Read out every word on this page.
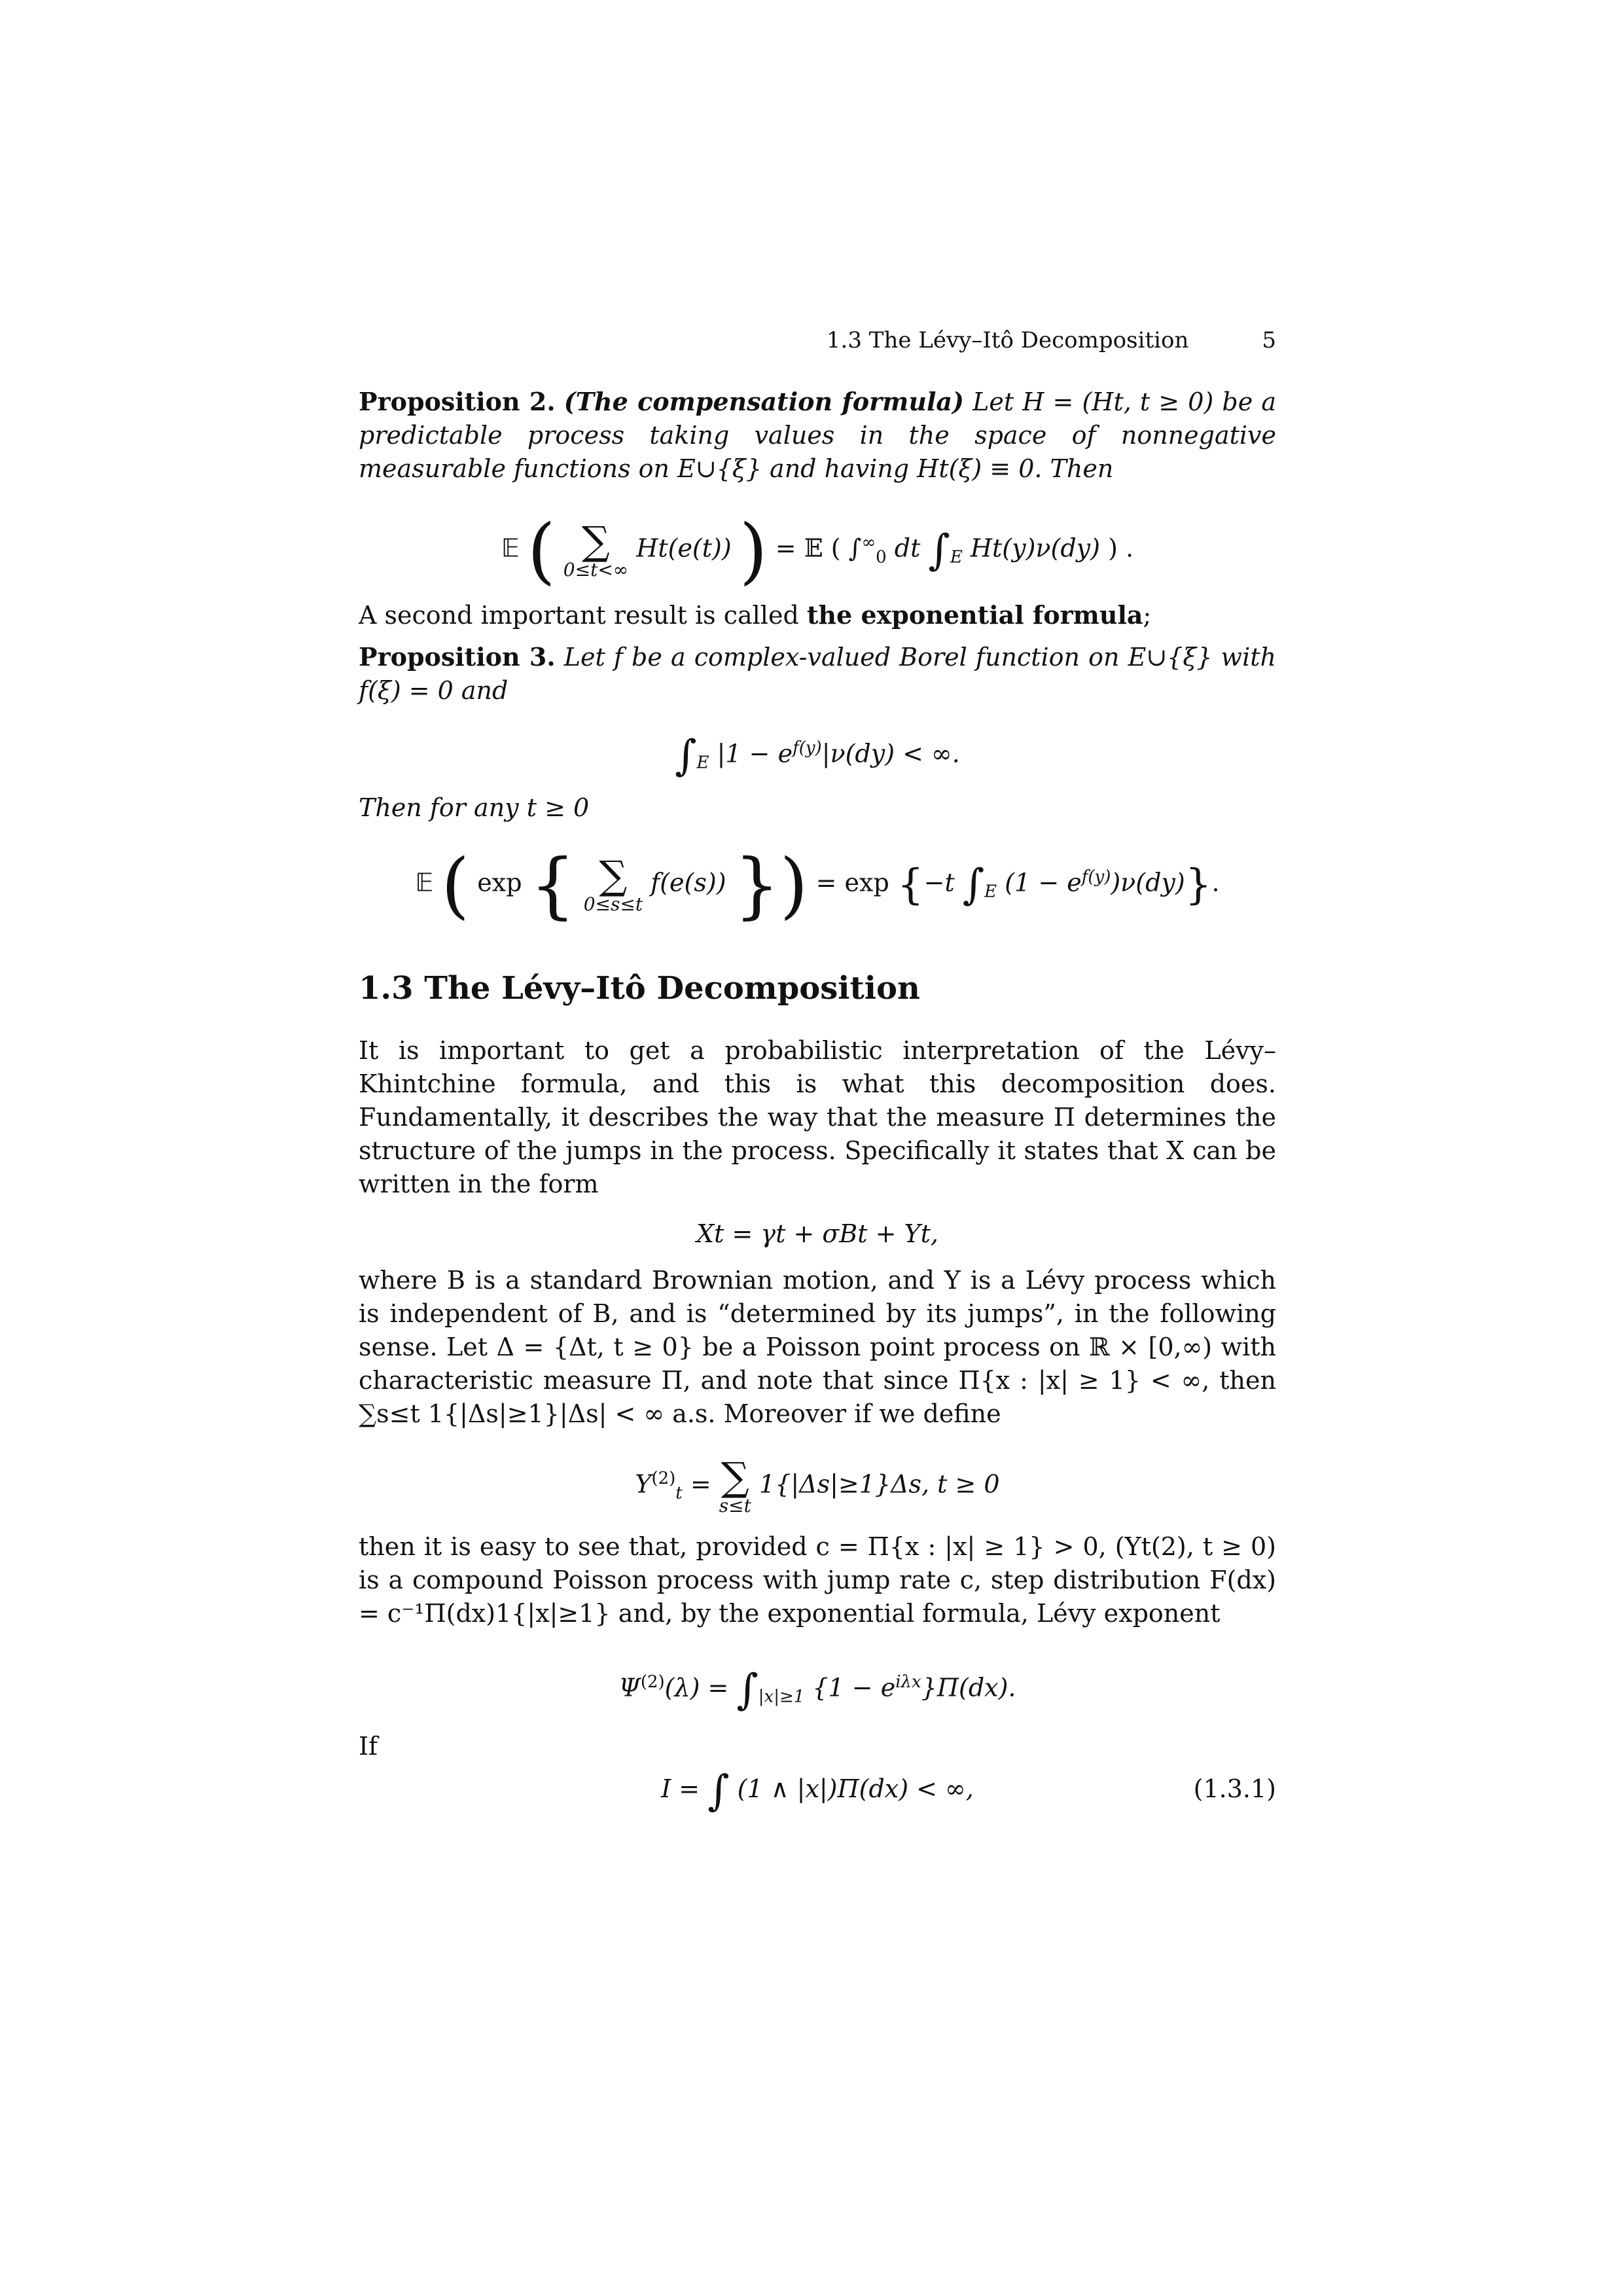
1.3 The Lévy–Itô Decomposition	5

Proposition 2. (The compensation formula) Let H = (Ht, t ≥ 0) be a predictable process taking values in the space of nonnegative measurable functions on E∪{ξ} and having Ht(ξ) ≡ 0. Then

𝔼 ( ∑
0≤t<∞
Ht(e(t)) ) = 𝔼 ( $\int^\infty_0$ dt $\int_E$ Ht(y)ν(dy) ) .

A second important result is called the exponential formula;

Proposition 3. Let f be a complex-valued Borel function on E∪{ξ} with f(ξ) = 0 and

$\int_E$ $|1 - e^{f(y)}|\nu(dy)$ < ∞.

Then for any t ≥ 0

𝔼 ( exp { ∑
0≤s≤t
f(e(s)) }) = exp {−t $\int_E$ $(1 - e^{f(y)})\nu(dy)$}.
1.3 The Lévy–Itô Decomposition

It is important to get a probabilistic interpretation of the Lévy–Khintchine formula, and this is what this decomposition does. Fundamentally, it describes the way that the measure Π determines the structure of the jumps in the process. Specifically it states that X can be written in the form

Xt = γt + σBt + Yt,

where B is a standard Brownian motion, and Y is a Lévy process which is independent of B, and is “determined by its jumps”, in the following sense. Let Δ = {Δt, t ≥ 0} be a Poisson point process on ℝ × [0,∞) with characteristic measure Π, and note that since Π{x : |x| ≥ 1} < ∞, then ∑s≤t 1{|Δs|≥1}|Δs| < ∞ a.s. Moreover if we define

$Y^{(2)}_t$ = ∑
s≤t
1{|Δs|≥1}Δs, t ≥ 0

then it is easy to see that, provided c = Π{x : |x| ≥ 1} > 0, (Yt(2), t ≥ 0) is a compound Poisson process with jump rate c, step distribution F(dx) = c⁻¹Π(dx)1{|x|≥1} and, by the exponential formula, Lévy exponent

$\Psi^{(2)}(\lambda) = \int_{|x|\ge 1}$ $\{1 - e^{i\lambda x}\}\Pi(dx)$.

If

I = ∫ (1 ∧ |x|)Π(dx) < ∞,	(1.3.1)
